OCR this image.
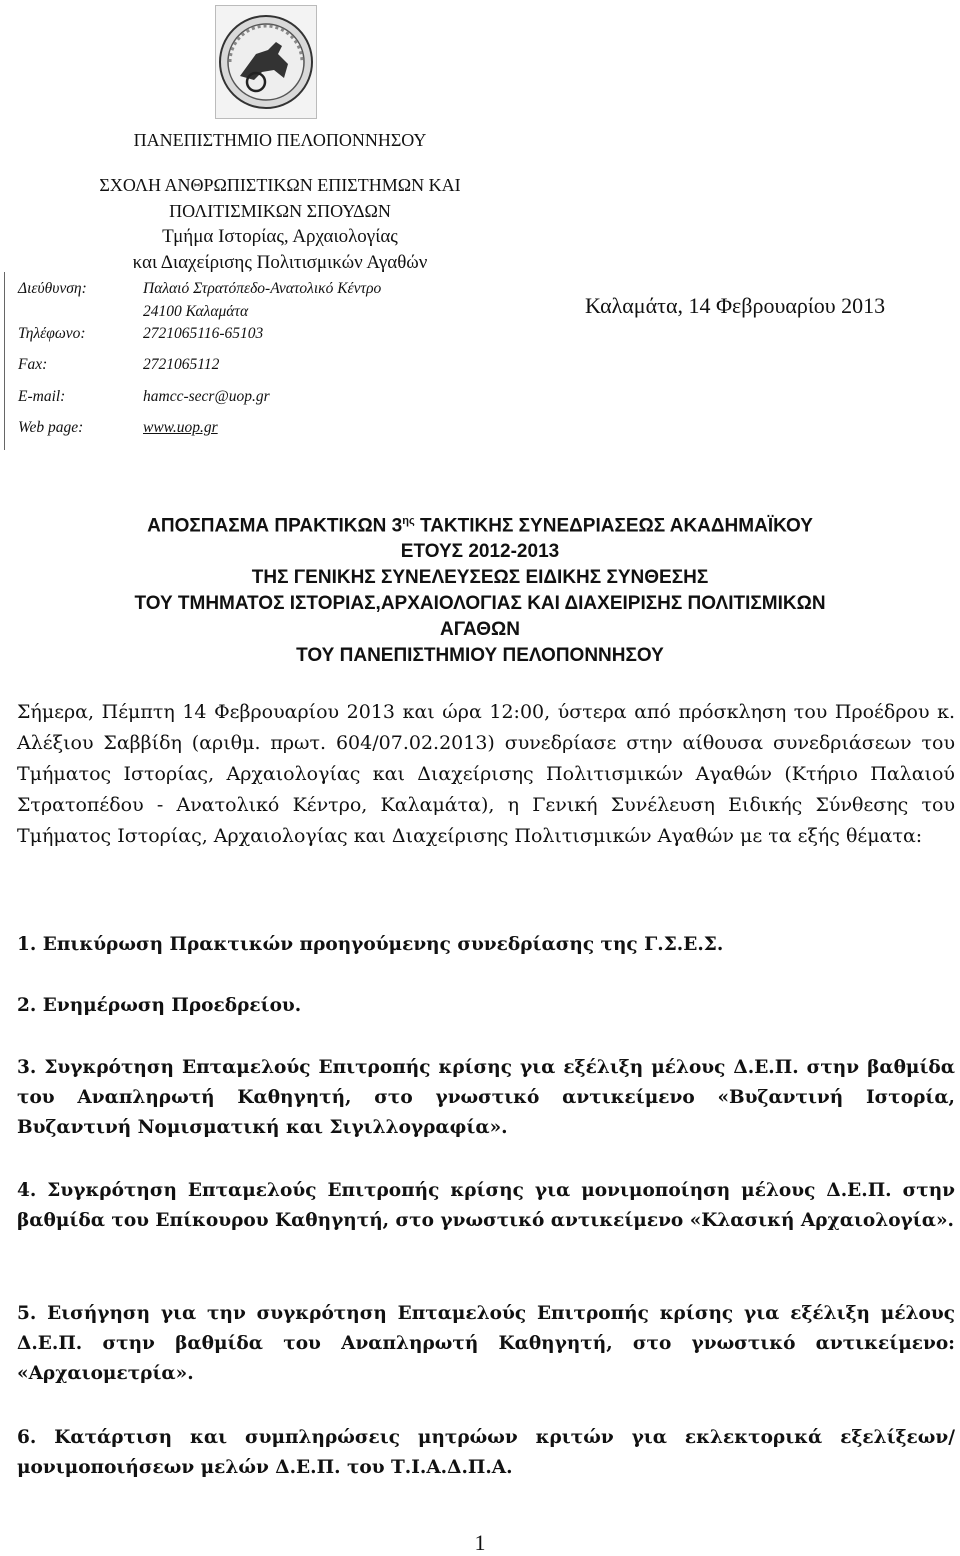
ΠΑΝΕΠΙΣΤΗΜΙΟ ΠΕΛΟΠΟΝΝΗΣΟΥ
ΣΧΟΛΗ ΑΝΘΡΩΠΙΣΤΙΚΩΝ ΕΠΙΣΤΗΜΩΝ ΚΑΙ
ΠΟΛΙΤΙΣΜΙΚΩΝ ΣΠΟΥΔΩΝ
Τμήμα Ιστορίας, Αρχαιολογίας
και Διαχείρισης Πολιτισμικών Αγαθών
Διεύθυνση:	Παλαιό Στρατόπεδο-Ανατολικό Κέντρο
24100 Καλαμάτα
Τηλέφωνο:	2721065116-65103
Fax:	2721065112
E-mail:	hamcc-secr@uop.gr
Web page:	www.uop.gr
Καλαμάτα, 14 Φεβρουαρίου 2013
ΑΠΟΣΠΑΣΜΑ ΠΡΑΚΤΙΚΩΝ $3^{\eta\varsigma}$ ΤΑΚΤΙΚΗΣ ΣΥΝΕΔΡΙΑΣΕΩΣ ΑΚΑΔΗΜΑΪΚΟΥ
ΕΤΟΥΣ 2012-2013
ΤΗΣ ΓΕΝΙΚΗΣ ΣΥΝΕΛΕΥΣΕΩΣ ΕΙΔΙΚΗΣ ΣΥΝΘΕΣΗΣ
ΤΟΥ ΤΜΗΜΑΤΟΣ ΙΣΤΟΡΙΑΣ,ΑΡΧΑΙΟΛΟΓΙΑΣ ΚΑΙ ΔΙΑΧΕΙΡΙΣΗΣ ΠΟΛΙΤΙΣΜΙΚΩΝ
ΑΓΑΘΩΝ
ΤΟΥ ΠΑΝΕΠΙΣΤΗΜΙΟΥ ΠΕΛΟΠΟΝΝΗΣΟΥ
Σήμερα, Πέμπτη 14 Φεβρουαρίου 2013 και ώρα 12:00, ύστερα από πρόσκληση του Προέδρου κ. Αλέξιου Σαββίδη (αριθμ. πρωτ. 604/07.02.2013) συνεδρίασε στην αίθουσα συνεδριάσεων του Τμήματος Ιστορίας, Αρχαιολογίας και Διαχείρισης Πολιτισμικών Αγαθών (Κτήριο Παλαιού Στρατοπέδου - Ανατολικό Κέντρο, Καλαμάτα), η Γενική Συνέλευση Ειδικής Σύνθεσης του Τμήματος Ιστορίας, Αρχαιολογίας και Διαχείρισης Πολιτισμικών Αγαθών με τα εξής θέματα:
1. Επικύρωση Πρακτικών προηγούμενης συνεδρίασης της Γ.Σ.Ε.Σ.
2. Ενημέρωση Προεδρείου.
3. Συγκρότηση Επταμελούς Επιτροπής κρίσης για εξέλιξη μέλους Δ.Ε.Π. στην βαθμίδα του Αναπληρωτή Καθηγητή, στο γνωστικό αντικείμενο «Βυζαντινή Ιστορία, Βυζαντινή Νομισματική και Σιγιλλογραφία».
4. Συγκρότηση Επταμελούς Επιτροπής κρίσης για μονιμοποίηση μέλους Δ.Ε.Π. στην βαθμίδα του Επίκουρου Καθηγητή, στο γνωστικό αντικείμενο «Κλασική Αρχαιολογία».
5. Εισήγηση για την συγκρότηση Επταμελούς Επιτροπής κρίσης για εξέλιξη μέλους Δ.Ε.Π. στην βαθμίδα του Αναπληρωτή Καθηγητή, στο γνωστικό αντικείμενο: «Αρχαιομετρία».
6. Κατάρτιση και συμπληρώσεις μητρώων κριτών για εκλεκτορικά εξελίξεων/μονιμοποιήσεων μελών Δ.Ε.Π. του Τ.Ι.Α.Δ.Π.Α.
1
